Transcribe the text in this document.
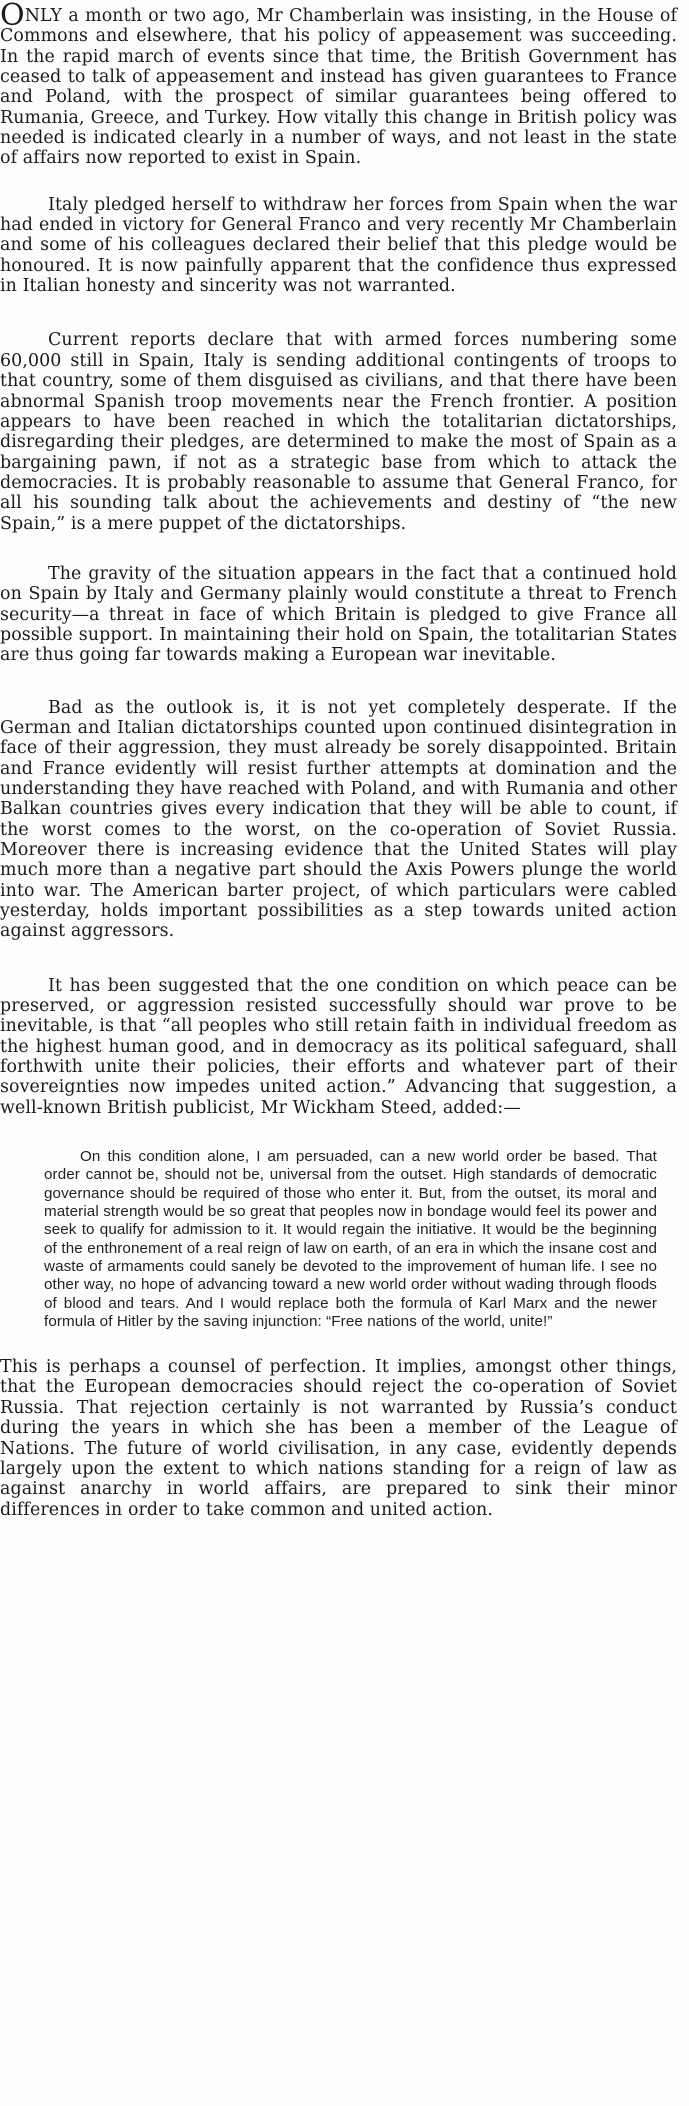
ONLY a month or two ago, Mr Chamberlain was insisting, in the House of Commons and elsewhere, that his policy of appeasement was succeeding. In the rapid march of events since that time, the British Government has ceased to talk of appeasement and instead has given guarantees to France and Poland, with the prospect of similar guarantees being offered to Rumania, Greece, and Turkey. How vitally this change in British policy was needed is indicated clearly in a number of ways, and not least in the state of affairs now reported to exist in Spain.

Italy pledged herself to withdraw her forces from Spain when the war had ended in victory for General Franco and very recently Mr Chamberlain and some of his colleagues declared their belief that this pledge would be honoured. It is now painfully apparent that the confidence thus expressed in Italian honesty and sincerity was not warranted.

Current reports declare that with armed forces numbering some 60,000 still in Spain, Italy is sending additional contingents of troops to that country, some of them disguised as civilians, and that there have been abnormal Spanish troop movements near the French frontier. A position appears to have been reached in which the totalitarian dictatorships, disregarding their pledges, are determined to make the most of Spain as a bargaining pawn, if not as a strategic base from which to attack the democracies. It is probably reasonable to assume that General Franco, for all his sounding talk about the achievements and destiny of “the new Spain,” is a mere puppet of the dictatorships.

The gravity of the situation appears in the fact that a continued hold on Spain by Italy and Germany plainly would constitute a threat to French security—a threat in face of which Britain is pledged to give France all possible support. In maintaining their hold on Spain, the totalitarian States are thus going far towards making a European war inevitable.

Bad as the outlook is, it is not yet completely desperate. If the German and Italian dictatorships counted upon continued disintegration in face of their aggression, they must already be sorely disappointed. Britain and France evidently will resist further attempts at domination and the understanding they have reached with Poland, and with Rumania and other Balkan countries gives every indication that they will be able to count, if the worst comes to the worst, on the co-operation of Soviet Russia. Moreover there is increasing evidence that the United States will play much more than a negative part should the Axis Powers plunge the world into war. The American barter project, of which particulars were cabled yesterday, holds important possibilities as a step towards united action against aggressors.

It has been suggested that the one condition on which peace can be preserved, or aggression resisted successfully should war prove to be inevitable, is that “all peoples who still retain faith in individual freedom as the highest human good, and in democracy as its political safeguard, shall forthwith unite their policies, their efforts and whatever part of their sovereignties now impedes united action.” Advancing that suggestion, a well-known British publicist, Mr Wickham Steed, added:—

On this condition alone, I am persuaded, can a new world order be based. That order cannot be, should not be, universal from the outset. High standards of democratic governance should be required of those who enter it. But, from the outset, its moral and material strength would be so great that peoples now in bondage would feel its power and seek to qualify for admission to it. It would regain the initiative. It would be the beginning of the enthronement of a real reign of law on earth, of an era in which the insane cost and waste of armaments could sanely be devoted to the improvement of human life. I see no other way, no hope of advancing toward a new world order without wading through floods of blood and tears. And I would replace both the formula of Karl Marx and the newer formula of Hitler by the saving injunction: “Free nations of the world, unite!”

This is perhaps a counsel of perfection. It implies, amongst other things, that the European democracies should reject the co-operation of Soviet Russia. That rejection certainly is not warranted by Russia’s conduct during the years in which she has been a member of the League of Nations. The future of world civilisation, in any case, evidently depends largely upon the extent to which nations standing for a reign of law as against anarchy in world affairs, are prepared to sink their minor differences in order to take common and united action.
